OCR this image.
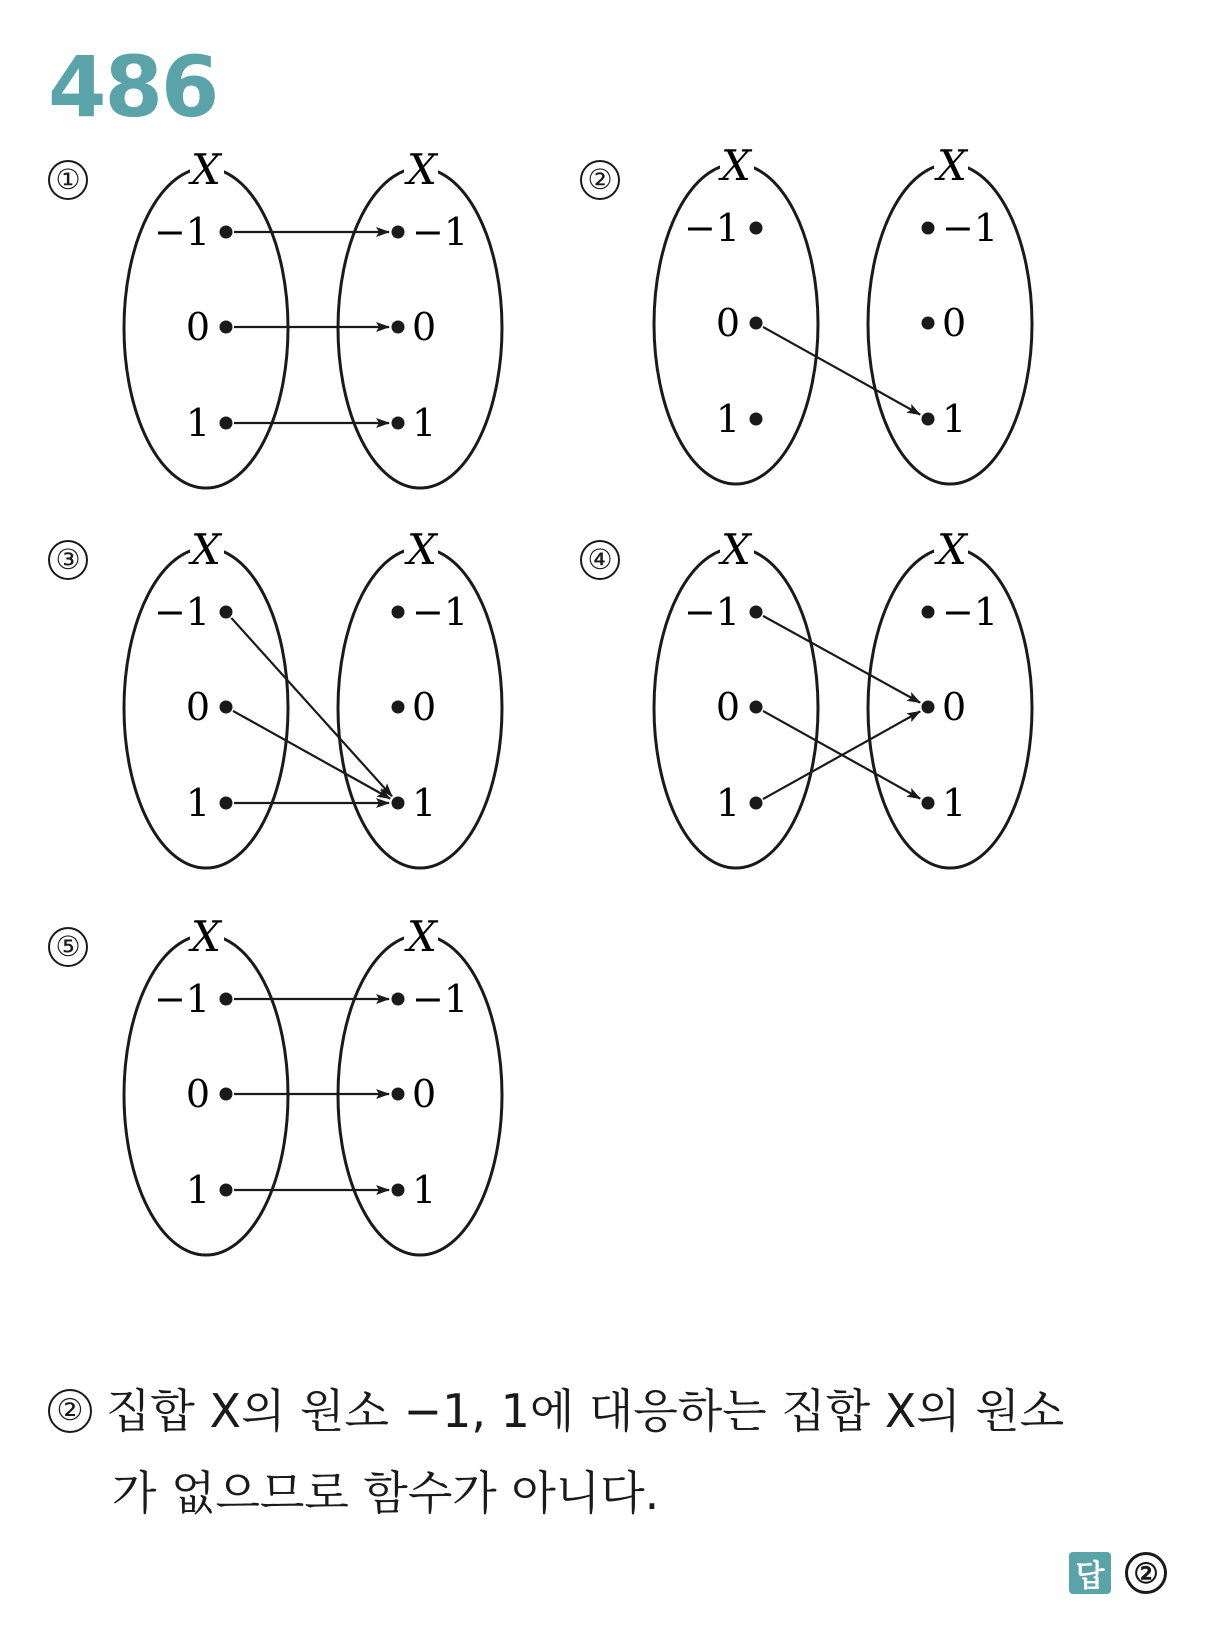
486
①	②
③	④
⑤
X	X
−1
0
1
−1
0
1
X	X
−1
0
1
−1
0
1
X	X
−1
0
1
−1
0
1
X	X
−1
0
1
−1
0
1
X	X
−1
0
1
−1
0
1
② 집합 X의 원소 −1, 1에 대응하는 집합 X의 원소
가 없으므로 함수가 아니다.
답	②
